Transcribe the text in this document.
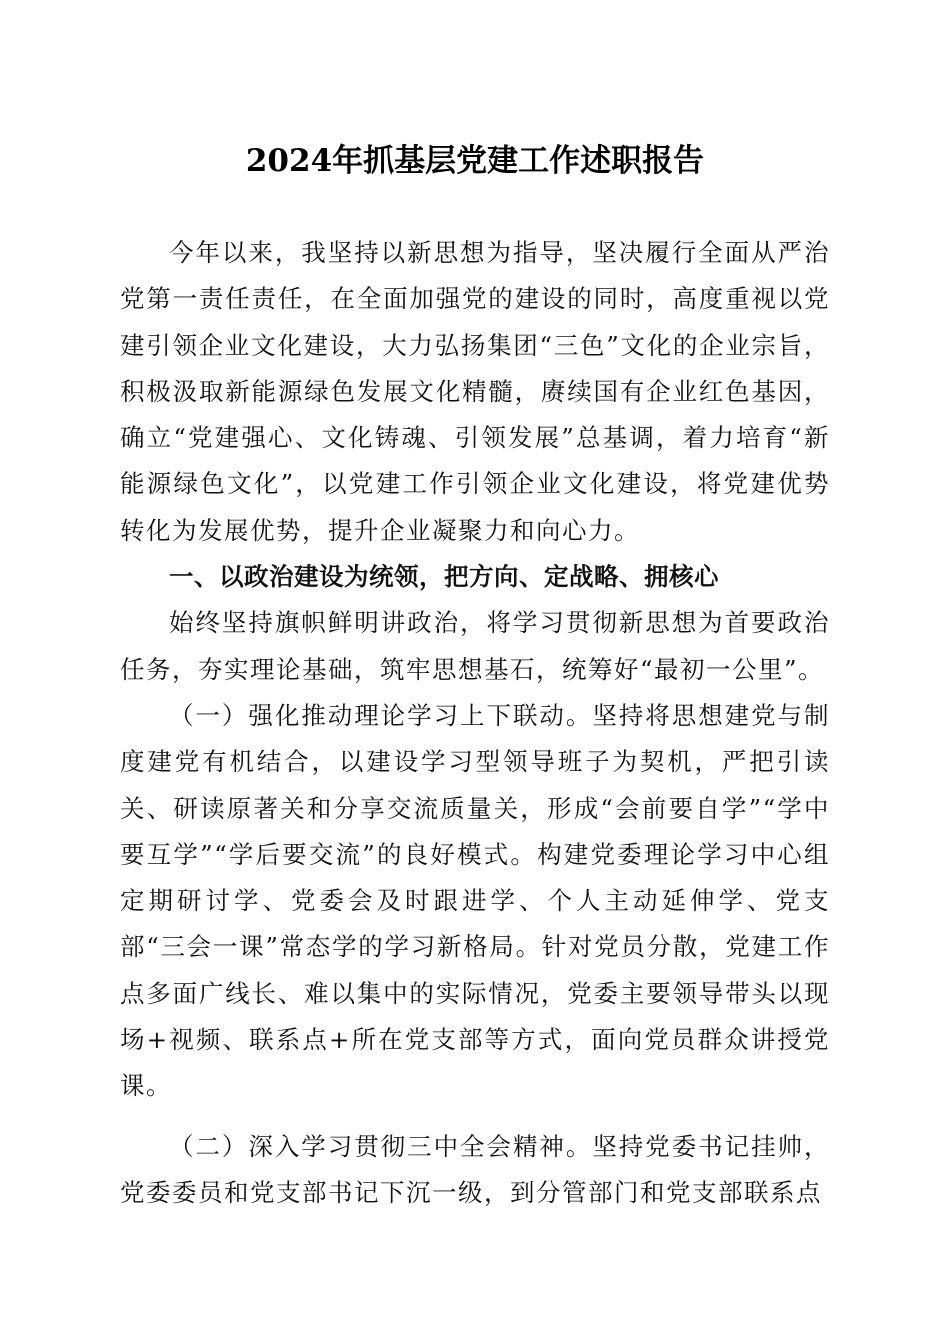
2024年抓基层党建工作述职报告

今年以来，我坚持以新思想为指导，坚决履行全面从严治党第一责任责任，在全面加强党的建设的同时，高度重视以党建引领企业文化建设，大力弘扬集团“三色”文化的企业宗旨，积极汲取新能源绿色发展文化精髓，赓续国有企业红色基因，确立“党建强心、文化铸魂、引领发展”总基调，着力培育“新能源绿色文化”，以党建工作引领企业文化建设，将党建优势转化为发展优势，提升企业凝聚力和向心力。

一、以政治建设为统领，把方向、定战略、拥核心

始终坚持旗帜鲜明讲政治，将学习贯彻新思想为首要政治任务，夯实理论基础，筑牢思想基石，统筹好“最初一公里”。

（一）强化推动理论学习上下联动。坚持将思想建党与制度建党有机结合，以建设学习型领导班子为契机，严把引读关、研读原著关和分享交流质量关，形成“会前要自学”“学中要互学”“学后要交流”的良好模式。构建党委理论学习中心组定期研讨学、党委会及时跟进学、个人主动延伸学、党支部“三会一课”常态学的学习新格局。针对党员分散，党建工作点多面广线长、难以集中的实际情况，党委主要领导带头以现场+视频、联系点+所在党支部等方式，面向党员群众讲授党课。

（二）深入学习贯彻三中全会精神。坚持党委书记挂帅，党委委员和党支部书记下沉一级，到分管部门和党支部联系点
